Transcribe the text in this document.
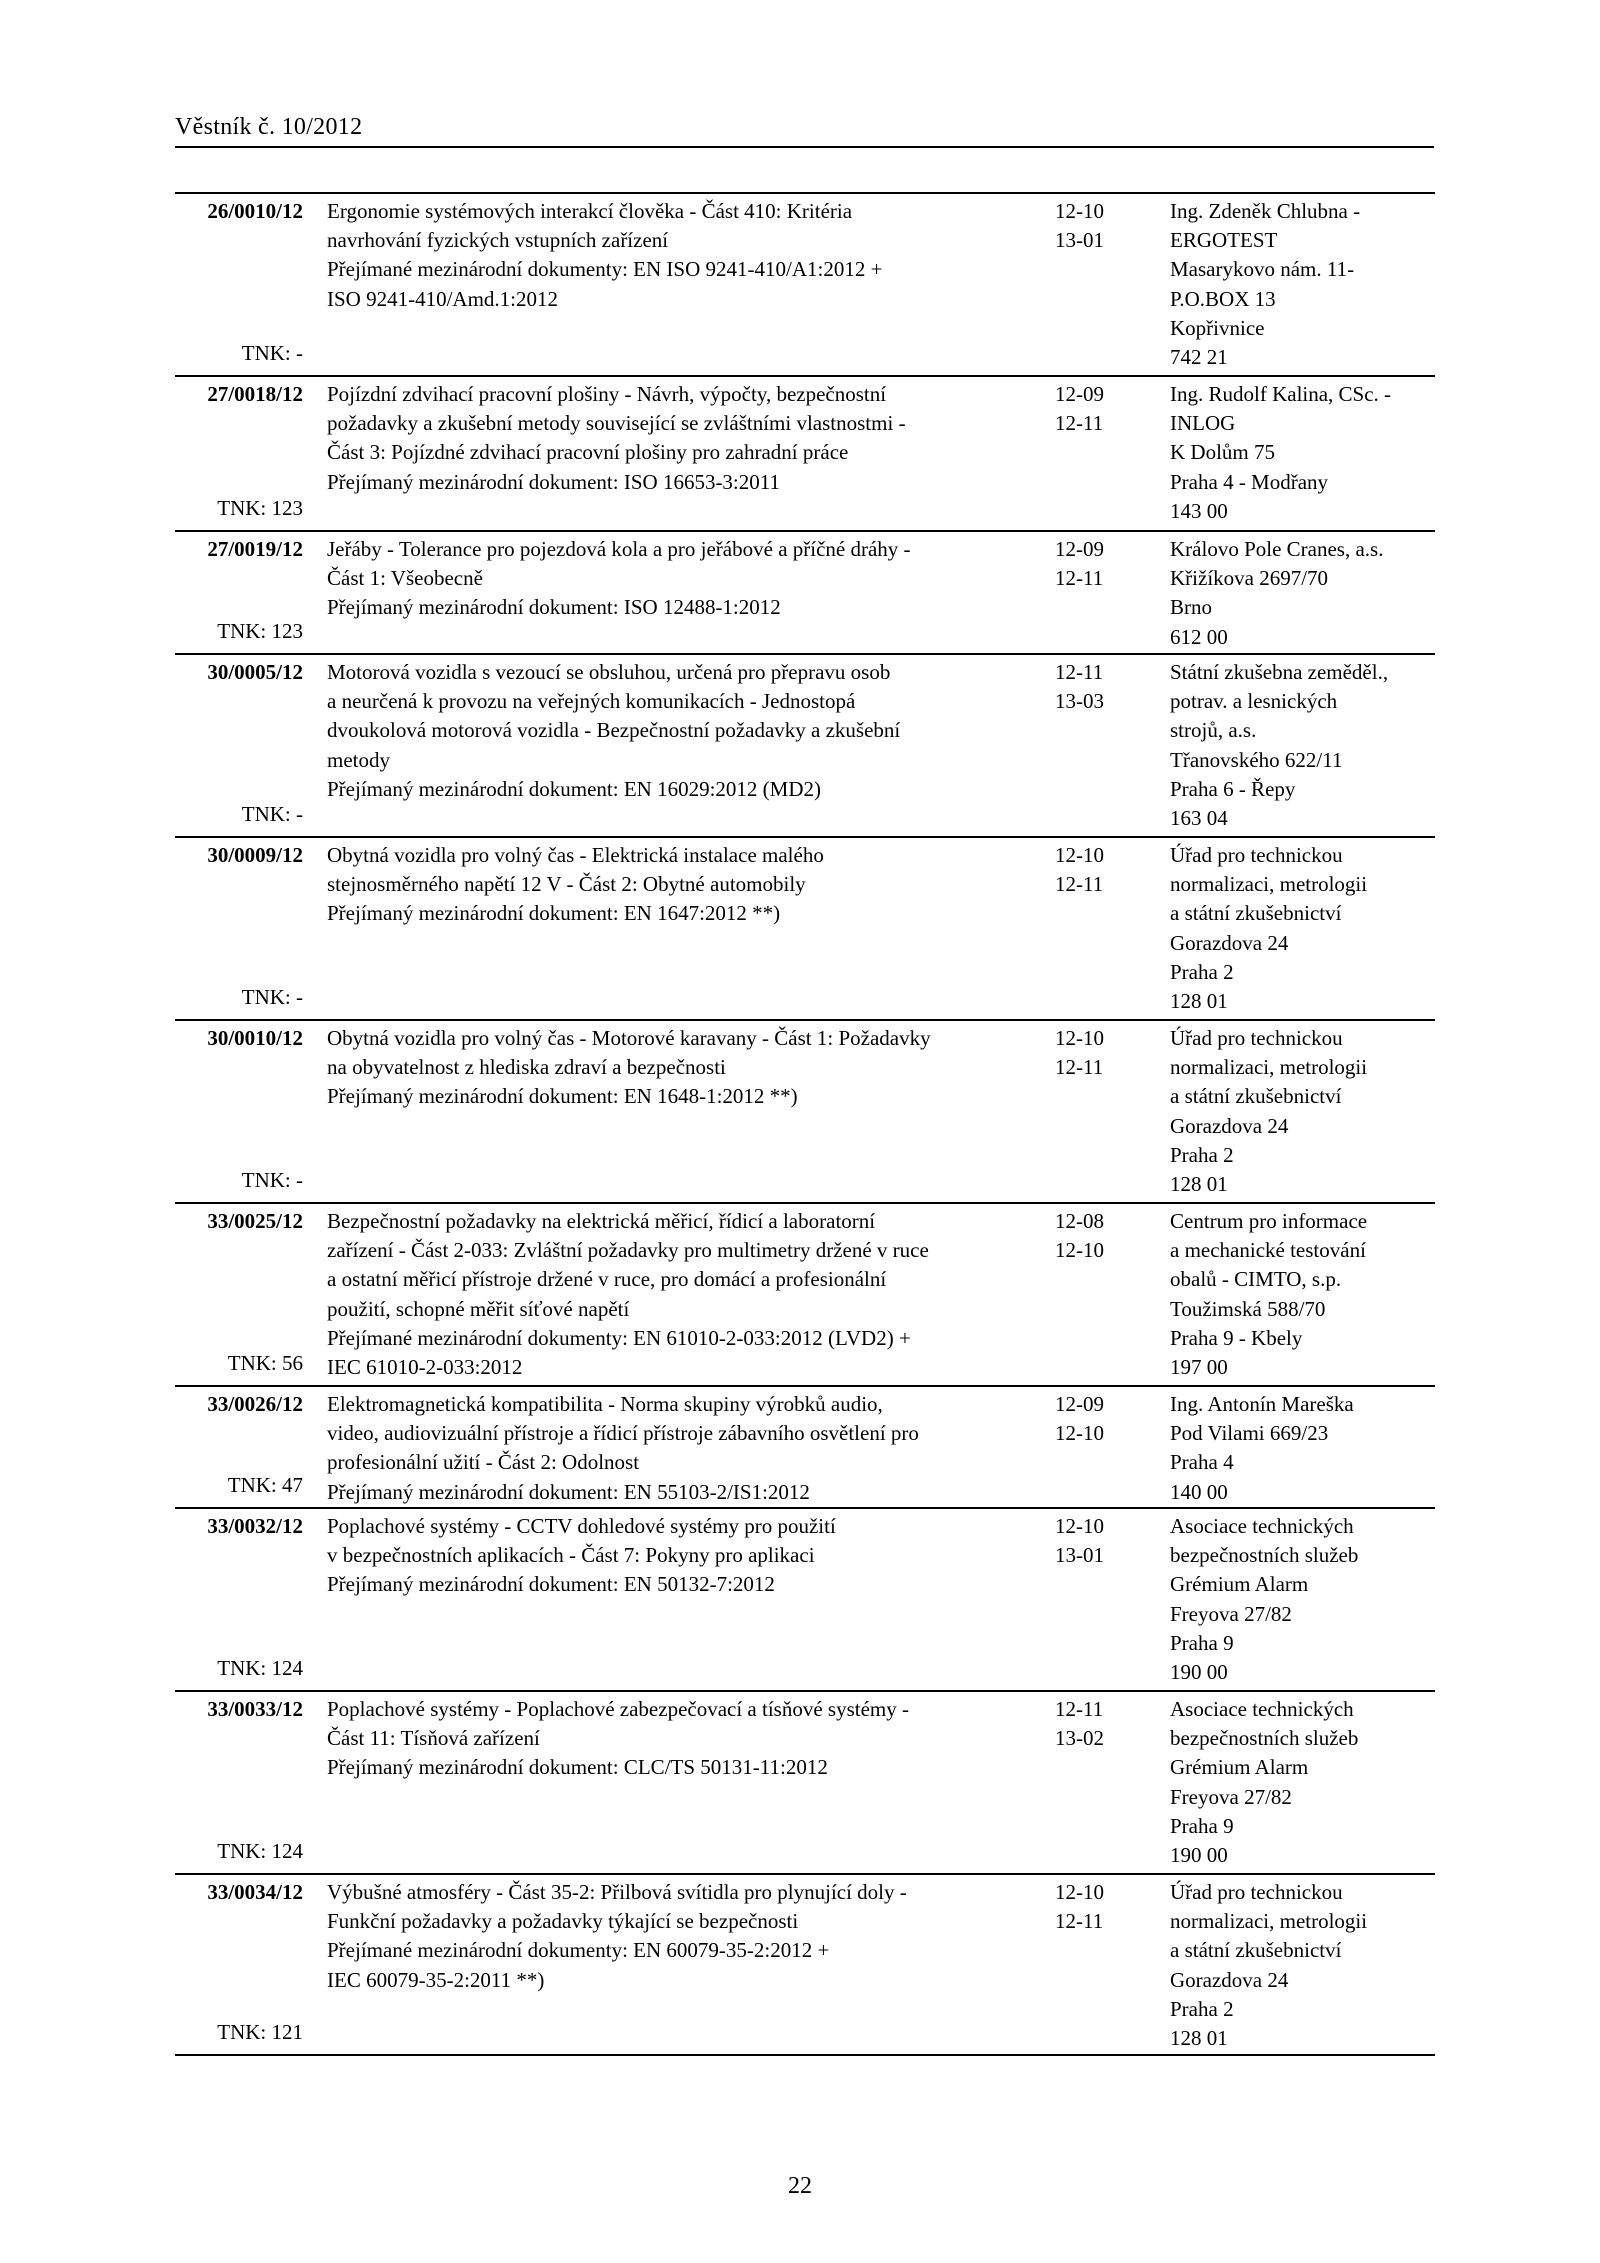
Věstník č. 10/2012
26/0010/12
TNK: -
Ergonomie systémových interakcí člověka - Část 410: Kritéria
navrhování fyzických vstupních zařízení
Přejímané mezinárodní dokumenty: EN ISO 9241-410/A1:2012 +
ISO 9241-410/Amd.1:2012
12-10
13-01
Ing. Zdeněk Chlubna -
ERGOTEST
Masarykovo nám. 11-
P.O.BOX 13
Kopřivnice
742 21
27/0018/12
TNK: 123
Pojízdní zdvihací pracovní plošiny - Návrh, výpočty, bezpečnostní
požadavky a zkušební metody související se zvláštními vlastnostmi -
Část 3: Pojízdné zdvihací pracovní plošiny pro zahradní práce
Přejímaný mezinárodní dokument: ISO 16653-3:2011
12-09
12-11
Ing. Rudolf Kalina, CSc. -
INLOG
K Dolům 75
Praha 4 - Modřany
143 00
27/0019/12
TNK: 123
Jeřáby - Tolerance pro pojezdová kola a pro jeřábové a příčné dráhy -
Část 1: Všeobecně
Přejímaný mezinárodní dokument: ISO 12488-1:2012
12-09
12-11
Královo Pole Cranes, a.s.
Křižíkova 2697/70
Brno
612 00
30/0005/12
TNK: -
Motorová vozidla s vezoucí se obsluhou, určená pro přepravu osob
a neurčená k provozu na veřejných komunikacích - Jednostopá
dvoukolová motorová vozidla - Bezpečnostní požadavky a zkušební
metody
Přejímaný mezinárodní dokument: EN 16029:2012 (MD2)
12-11
13-03
Státní zkušebna zeměděl.,
potrav. a lesnických
strojů, a.s.
Třanovského 622/11
Praha 6 - Řepy
163 04
30/0009/12
TNK: -
Obytná vozidla pro volný čas - Elektrická instalace malého
stejnosměrného napětí 12 V - Část 2: Obytné automobily
Přejímaný mezinárodní dokument: EN 1647:2012 **)
12-10
12-11
Úřad pro technickou
normalizaci, metrologii
a státní zkušebnictví
Gorazdova 24
Praha 2
128 01
30/0010/12
TNK: -
Obytná vozidla pro volný čas - Motorové karavany - Část 1: Požadavky
na obyvatelnost z hlediska zdraví a bezpečnosti
Přejímaný mezinárodní dokument: EN 1648-1:2012 **)
12-10
12-11
Úřad pro technickou
normalizaci, metrologii
a státní zkušebnictví
Gorazdova 24
Praha 2
128 01
33/0025/12
TNK: 56
Bezpečnostní požadavky na elektrická měřicí, řídicí a laboratorní
zařízení - Část 2-033: Zvláštní požadavky pro multimetry držené v ruce
a ostatní měřicí přístroje držené v ruce, pro domácí a profesionální
použití, schopné měřit síťové napětí
Přejímané mezinárodní dokumenty: EN 61010-2-033:2012 (LVD2) +
IEC 61010-2-033:2012
12-08
12-10
Centrum pro informace
a mechanické testování
obalů - CIMTO, s.p.
Toužimská 588/70
Praha 9 - Kbely
197 00
33/0026/12
TNK: 47
Elektromagnetická kompatibilita - Norma skupiny výrobků audio,
video, audiovizuální přístroje a řídicí přístroje zábavního osvětlení pro
profesionální užití - Část 2: Odolnost
Přejímaný mezinárodní dokument: EN 55103-2/IS1:2012
12-09
12-10
Ing. Antonín Mareška
Pod Vilami 669/23
Praha 4
140 00
33/0032/12
TNK: 124
Poplachové systémy - CCTV dohledové systémy pro použití
v bezpečnostních aplikacích - Část 7: Pokyny pro aplikaci
Přejímaný mezinárodní dokument: EN 50132-7:2012
12-10
13-01
Asociace technických
bezpečnostních služeb
Grémium Alarm
Freyova 27/82
Praha 9
190 00
33/0033/12
TNK: 124
Poplachové systémy - Poplachové zabezpečovací a tísňové systémy -
Část 11: Tísňová zařízení
Přejímaný mezinárodní dokument: CLC/TS 50131-11:2012
12-11
13-02
Asociace technických
bezpečnostních služeb
Grémium Alarm
Freyova 27/82
Praha 9
190 00
33/0034/12
TNK: 121
Výbušné atmosféry - Část 35-2: Přilbová svítidla pro plynující doly -
Funkční požadavky a požadavky týkající se bezpečnosti
Přejímané mezinárodní dokumenty: EN 60079-35-2:2012 +
IEC 60079-35-2:2011 **)
12-10
12-11
Úřad pro technickou
normalizaci, metrologii
a státní zkušebnictví
Gorazdova 24
Praha 2
128 01
22
